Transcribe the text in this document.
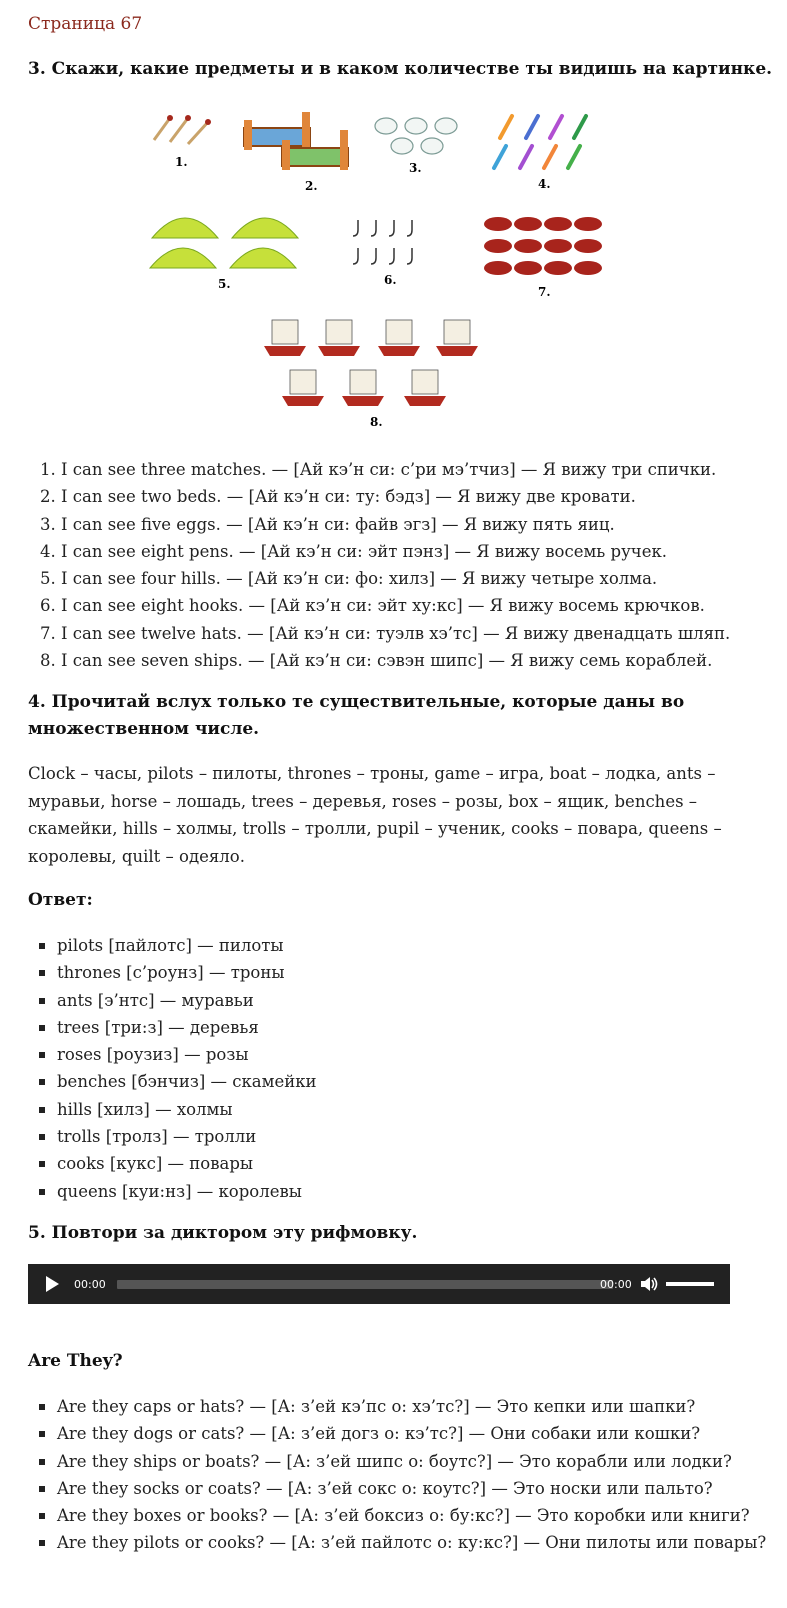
Страница 67
3. Скажи, какие предметы и в каком количестве ты видишь на картинке.
1.
2.
3.
4.
5.	6.
7.
8.
1. I can see three matches. — [Ай кэ’н си: с’ри мэ’тчиз] — Я вижу три спички.
2. I can see two beds. — [Ай кэ’н си: ту: бэдз] — Я вижу две кровати.
3. I can see five eggs. — [Ай кэ’н си: файв эгз] — Я вижу пять яиц.
4. I can see eight pens. — [Ай кэ’н си: эйт пэнз] — Я вижу восемь ручек.
5. I can see four hills. — [Ай кэ’н си: фо: хилз] — Я вижу четыре холма.
6. I can see eight hooks. — [Ай кэ’н си: эйт ху:кс] — Я вижу восемь крючков.
7. I can see twelve hats. — [Ай кэ’н си: туэлв хэ’тс] — Я вижу двенадцать шляп.
8. I can see seven ships. — [Ай кэ’н си: сэвэн шипс] — Я вижу семь кораблей.
4. Прочитай вслух только те существительные, которые даны во
множественном числе.

Clock – часы, pilots – пилоты, thrones – троны, game – игра, boat – лодка, ants – муравьи, horse – лошадь, trees – деревья, roses – розы, box – ящик, benches – скамейки, hills – холмы, trolls – тролли, pupil – ученик, cooks – повара, queens – королевы, quilt – одеяло.

Ответ:
pilots [пайлотс] — пилоты
thrones [с’роунз] — троны
ants [э’нтс] — муравьи
trees [три:з] — деревья
roses [роузиз] — розы
benches [бэнчиз] — скамейки
hills [хилз] — холмы
trolls [тролз] — тролли
cooks [кукс] — повары
queens [куи:нз] — королевы
5. Повтори за диктором эту рифмовку.
00:00	00:00
Are They?
Are they caps or hats? — [А: з’ей кэ’пс о: хэ’тс?] — Это кепки или шапки?
Are they dogs or cats? — [А: з’ей догз о: кэ’тс?] — Они собаки или кошки?
Are they ships or boats? — [А: з’ей шипс о: боутс?] — Это корабли или лодки?
Are they socks or coats? — [А: з’ей сокс о: коутс?] — Это носки или пальто?
Are they boxes or books? — [А: з’ей боксиз о: бу:кс?] — Это коробки или книги?
Are they pilots or cooks? — [А: з’ей пайлотс о: ку:кс?] — Они пилоты или повары?
